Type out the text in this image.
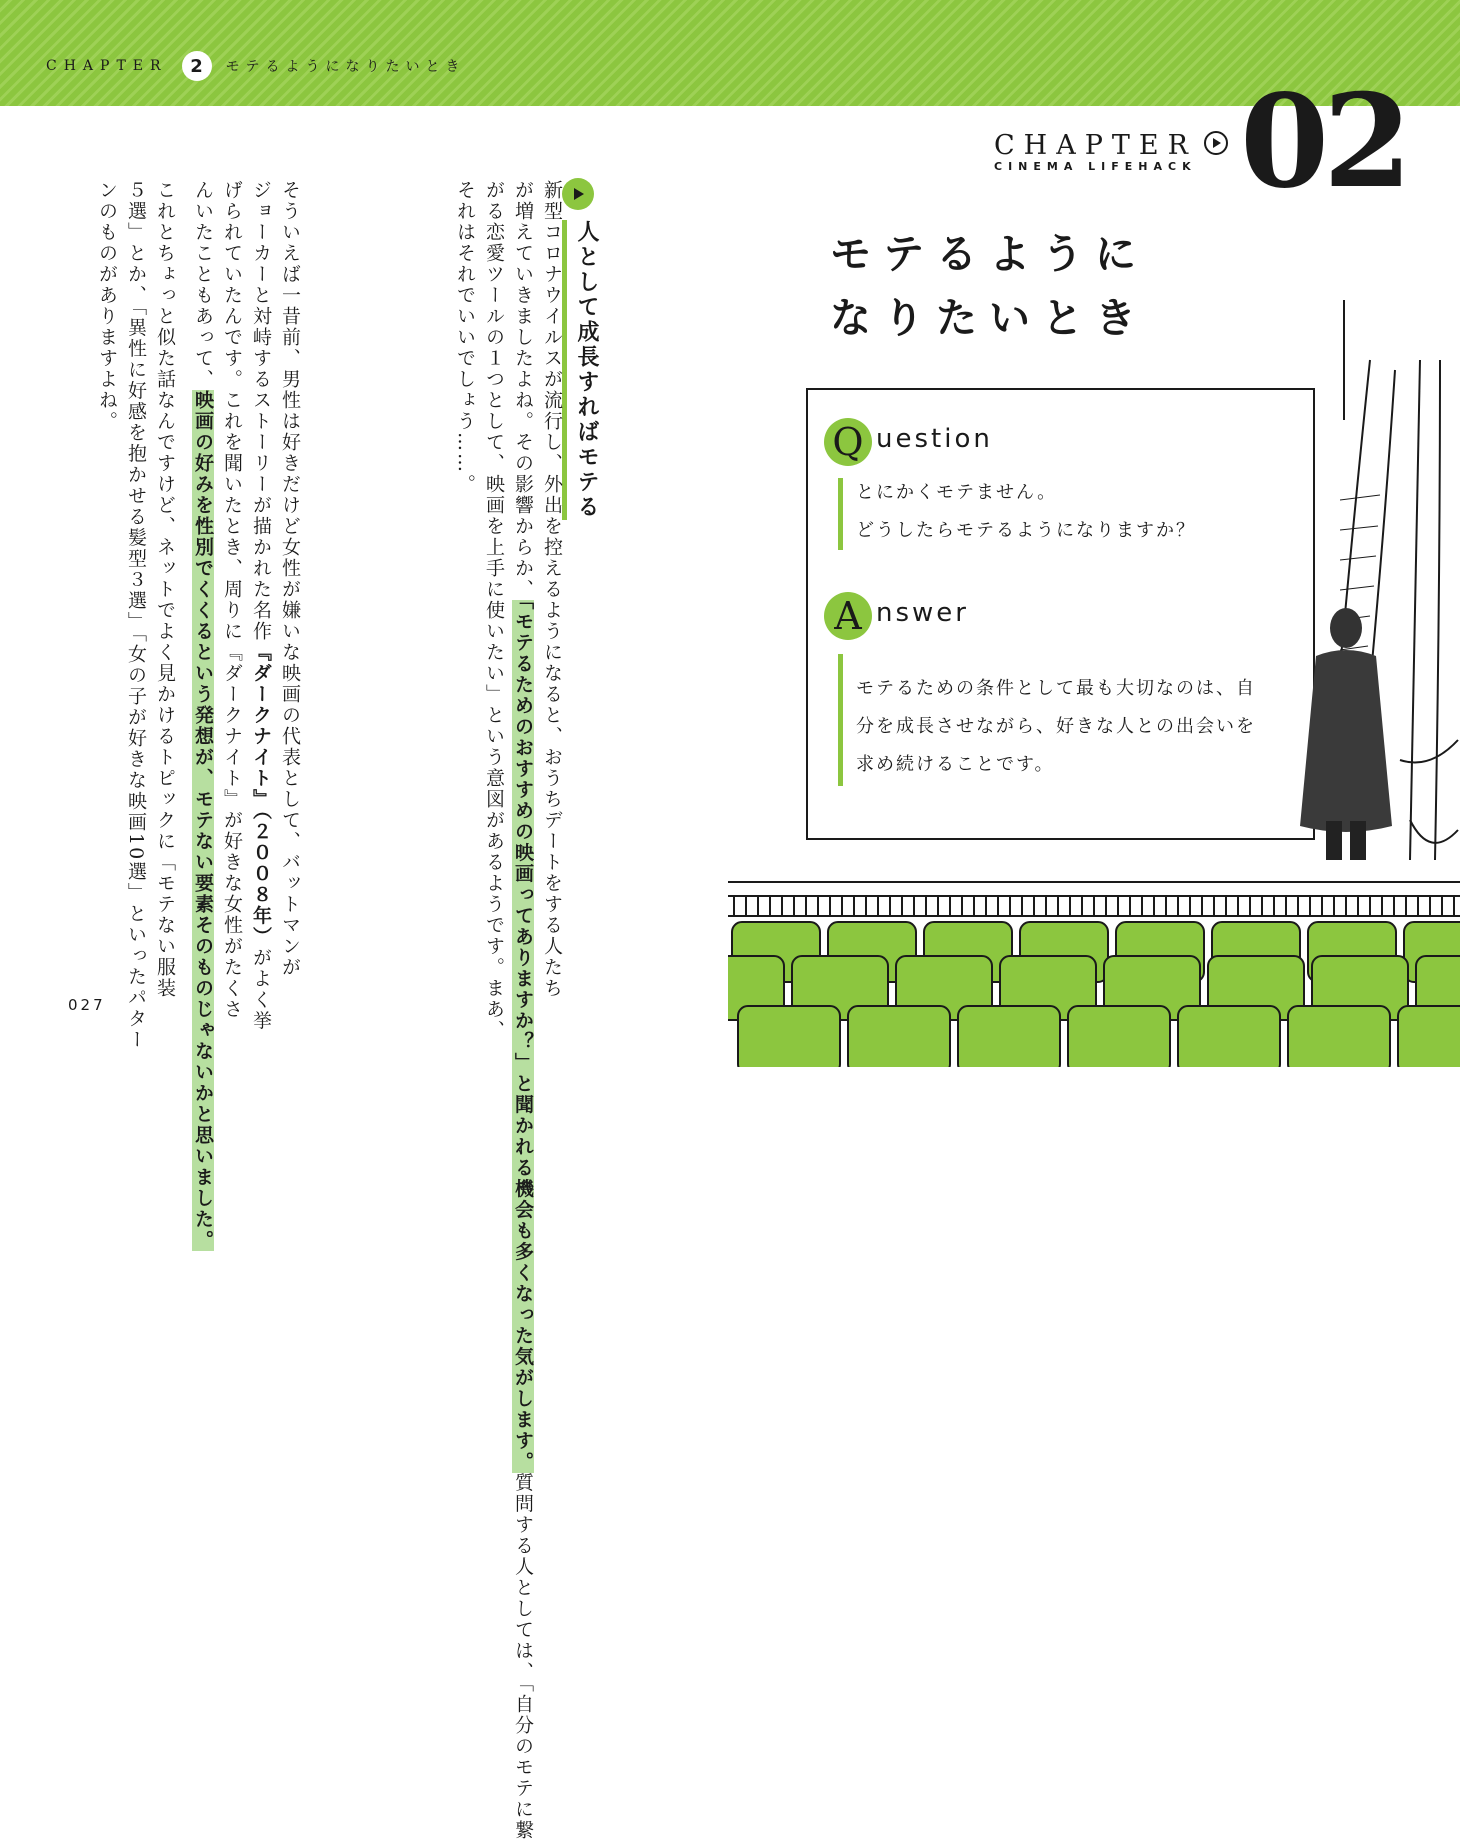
CHAPTER	2	モテるようになりたいとき
人として成長すればモテる
新型コロナウイルスが流行し、外出を控えるようになると、おうちデートをする人たち
が増えていきましたよね。その影響からか、「モテるためのおすすめの映画ってありますか？」と聞かれる機会も多くなった気がします。質問する人としては、「自分のモテに繋
がる恋愛ツールの１つとして、映画を上手に使いたい」という意図があるようです。まあ、
それはそれでいいでしょう……。
そういえば一昔前、男性は好きだけど女性が嫌いな映画の代表として、バットマンが
ジョーカーと対峙するストーリーが描かれた名作『ダークナイト』（２００８年）がよく挙
げられていたんです。これを聞いたとき、周りに『ダークナイト』が好きな女性がたくさ
んいたこともあって、映画の好みを性別でくくるという発想が、モテない要素そのものじゃないかと思いました。
これとちょっと似た話なんですけど、ネットでよく見かけるトピックに「モテない服装
５選」とか、「異性に好感を抱かせる髪型３選」「女の子が好きな映画10選」といったパター
ンのものがありますよね。
027
CHAPTER
CINEMA LIFEHACK 02
モテるように
なりたいとき
Q uestion
とにかくモテません。
どうしたらモテるようになりますか？
A nswer
モテるための条件として最も大切なのは、自
分を成長させながら、好きな人との出会いを
求め続けることです。
